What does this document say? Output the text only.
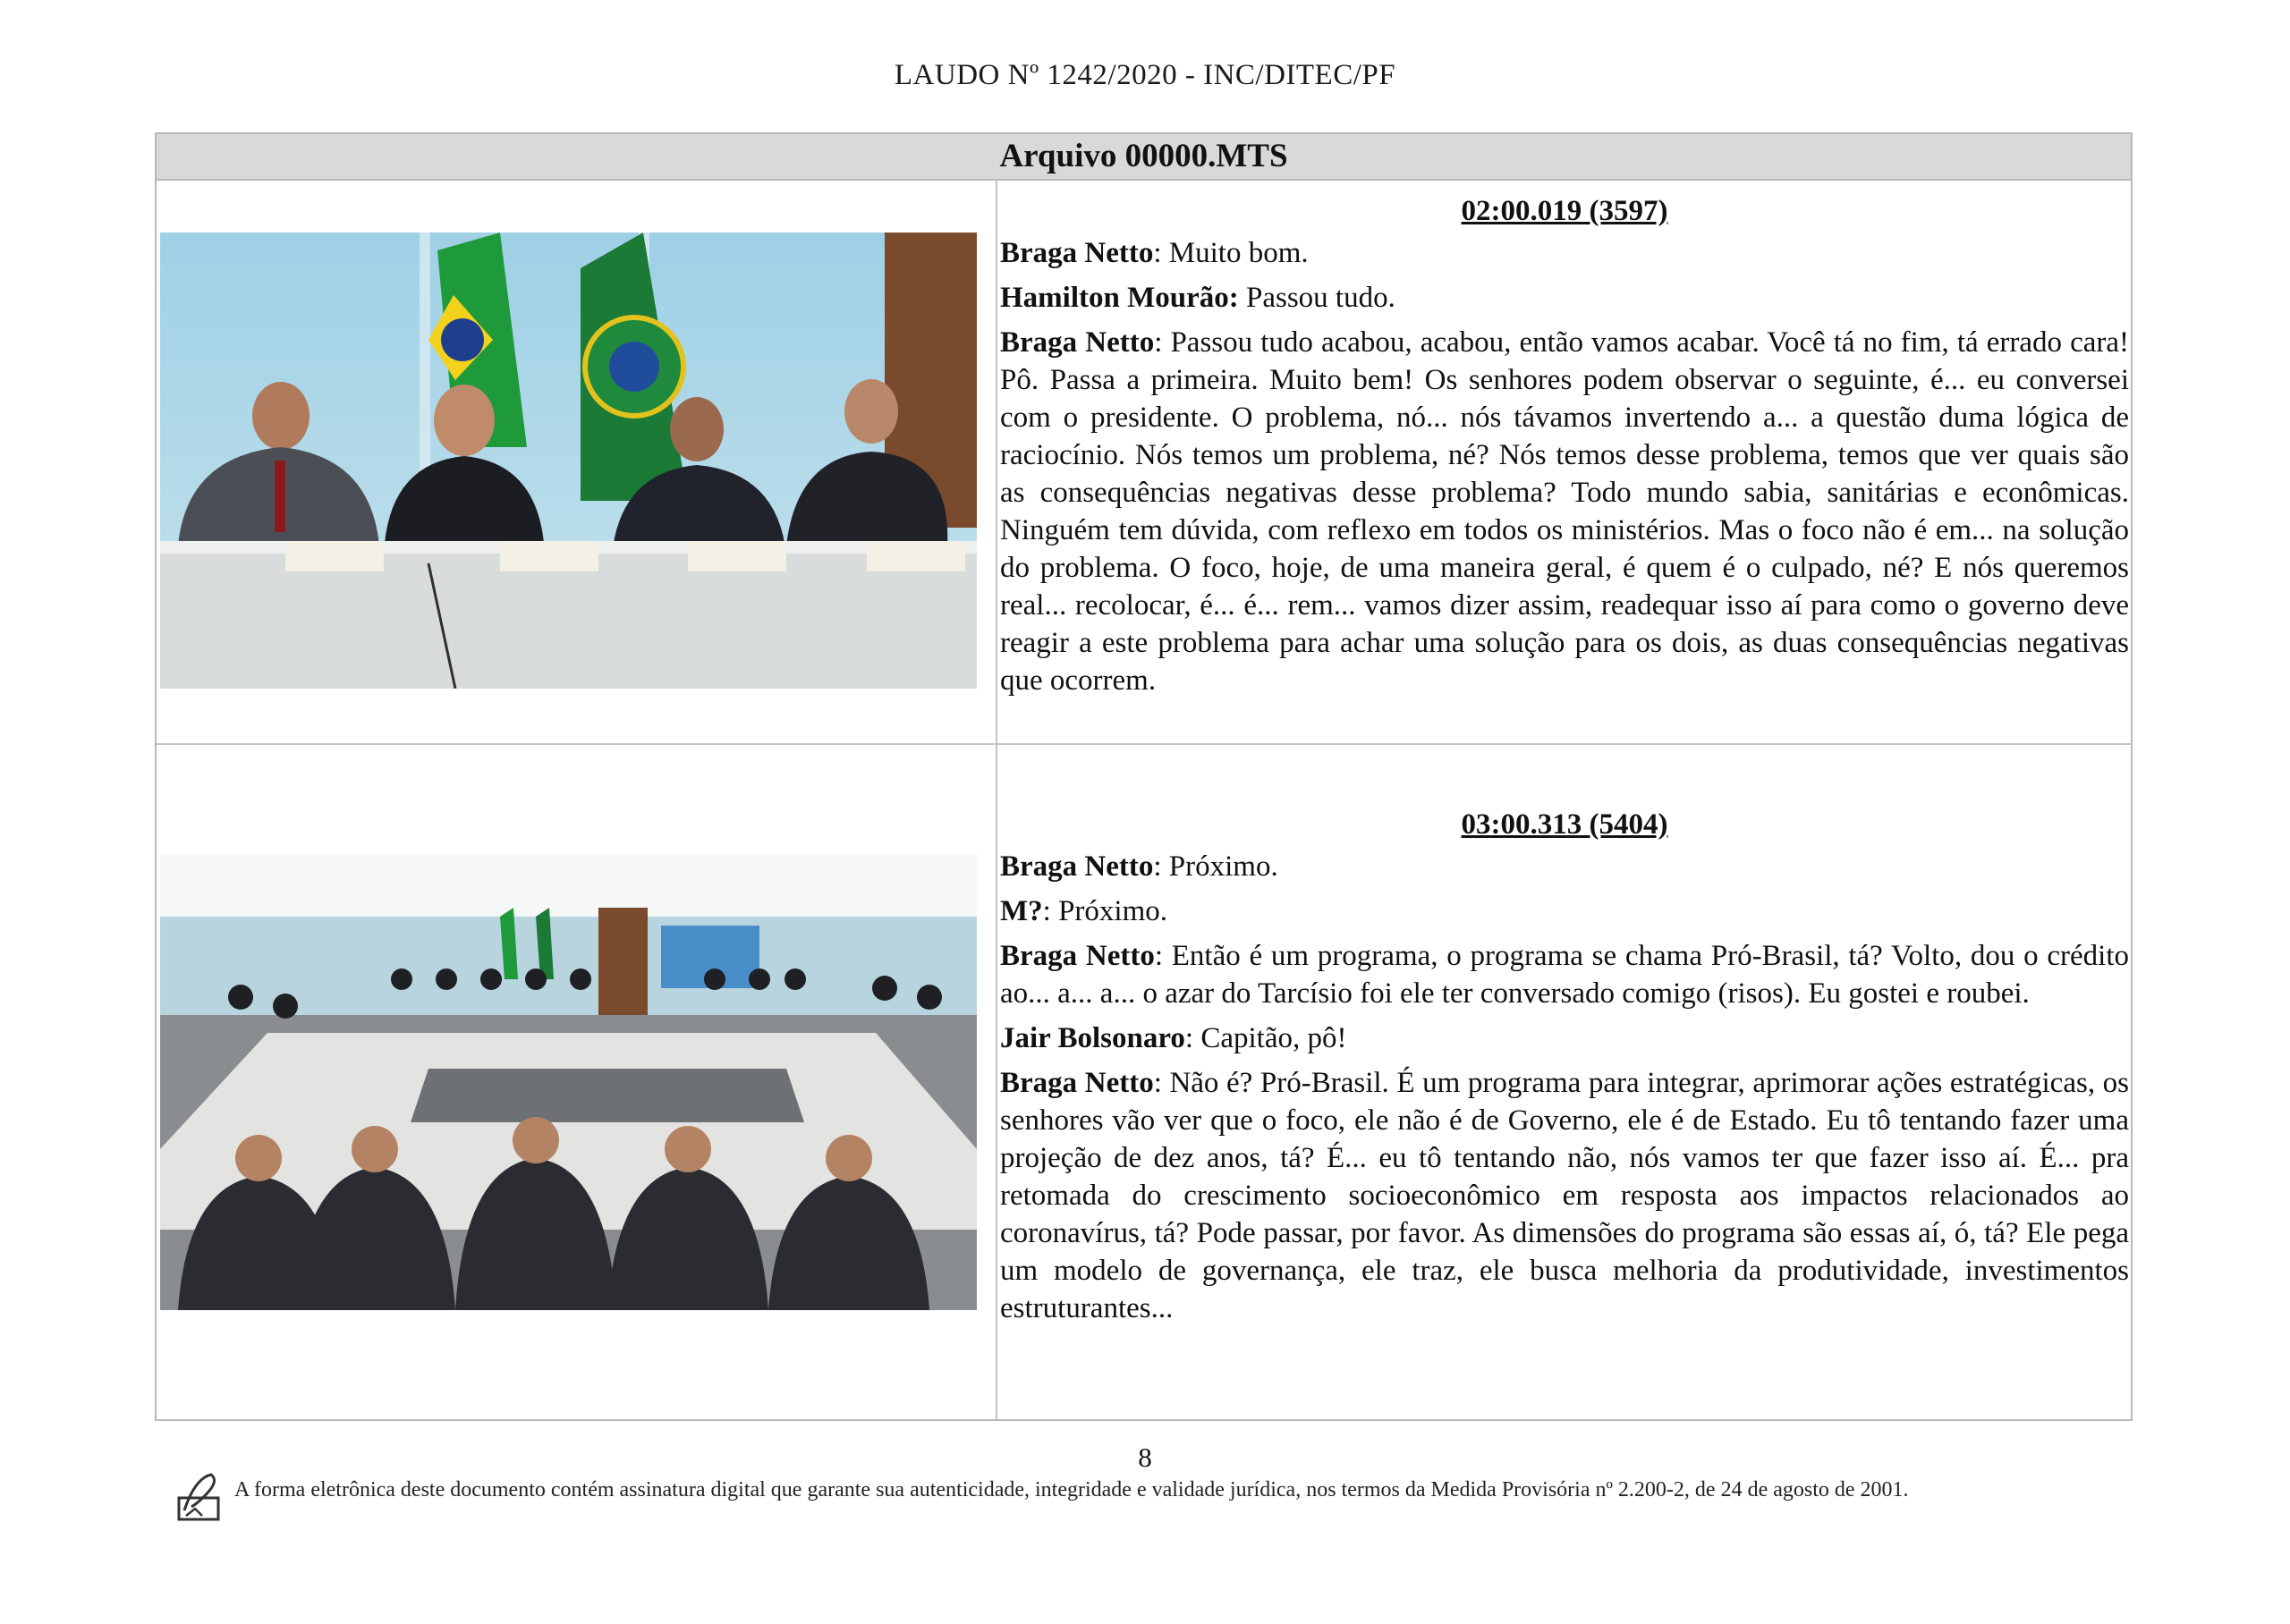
LAUDO Nº 1242/2020 - INC/DITEC/PF
Arquivo 00000.MTS
02:00.019 (3597)

Braga Netto: Muito bom.

Hamilton Mourão: Passou tudo.

Braga Netto: Passou tudo acabou, acabou, então vamos acabar. Você tá no fim, tá errado cara! Pô. Passa a primeira. Muito bem! Os senhores podem observar o seguinte, é... eu conversei com o presidente. O problema, nó... nós távamos invertendo a... a questão duma lógica de raciocínio. Nós temos um problema, né? Nós temos desse problema, temos que ver quais são as consequências negativas desse problema? Todo mundo sabia, sanitárias e econômicas. Ninguém tem dúvida, com reflexo em todos os ministérios. Mas o foco não é em... na solução do problema. O foco, hoje, de uma maneira geral, é quem é o culpado, né? E nós queremos real... recolocar, é... é... rem... vamos dizer assim, readequar isso aí para como o governo deve reagir a este problema para achar uma solução para os dois, as duas consequências negativas que ocorrem.

03:00.313 (5404)

Braga Netto: Próximo.

M?: Próximo.

Braga Netto: Então é um programa, o programa se chama Pró-Brasil, tá? Volto, dou o crédito ao... a... a... o azar do Tarcísio foi ele ter conversado comigo (risos). Eu gostei e roubei.

Jair Bolsonaro: Capitão, pô!

Braga Netto: Não é? Pró-Brasil. É um programa para integrar, aprimorar ações estratégicas, os senhores vão ver que o foco, ele não é de Governo, ele é de Estado. Eu tô tentando fazer uma projeção de dez anos, tá? É... eu tô tentando não, nós vamos ter que fazer isso aí. É... pra retomada do crescimento socioeconômico em resposta aos impactos relacionados ao coronavírus, tá? Pode passar, por favor. As dimensões do programa são essas aí, ó, tá? Ele pega um modelo de governança, ele traz, ele busca melhoria da produtividade, investimentos estruturantes...

8
A forma eletrônica deste documento contém assinatura digital que garante sua autenticidade, integridade e validade jurídica, nos termos da Medida Provisória nº 2.200-2, de 24 de agosto de 2001.
